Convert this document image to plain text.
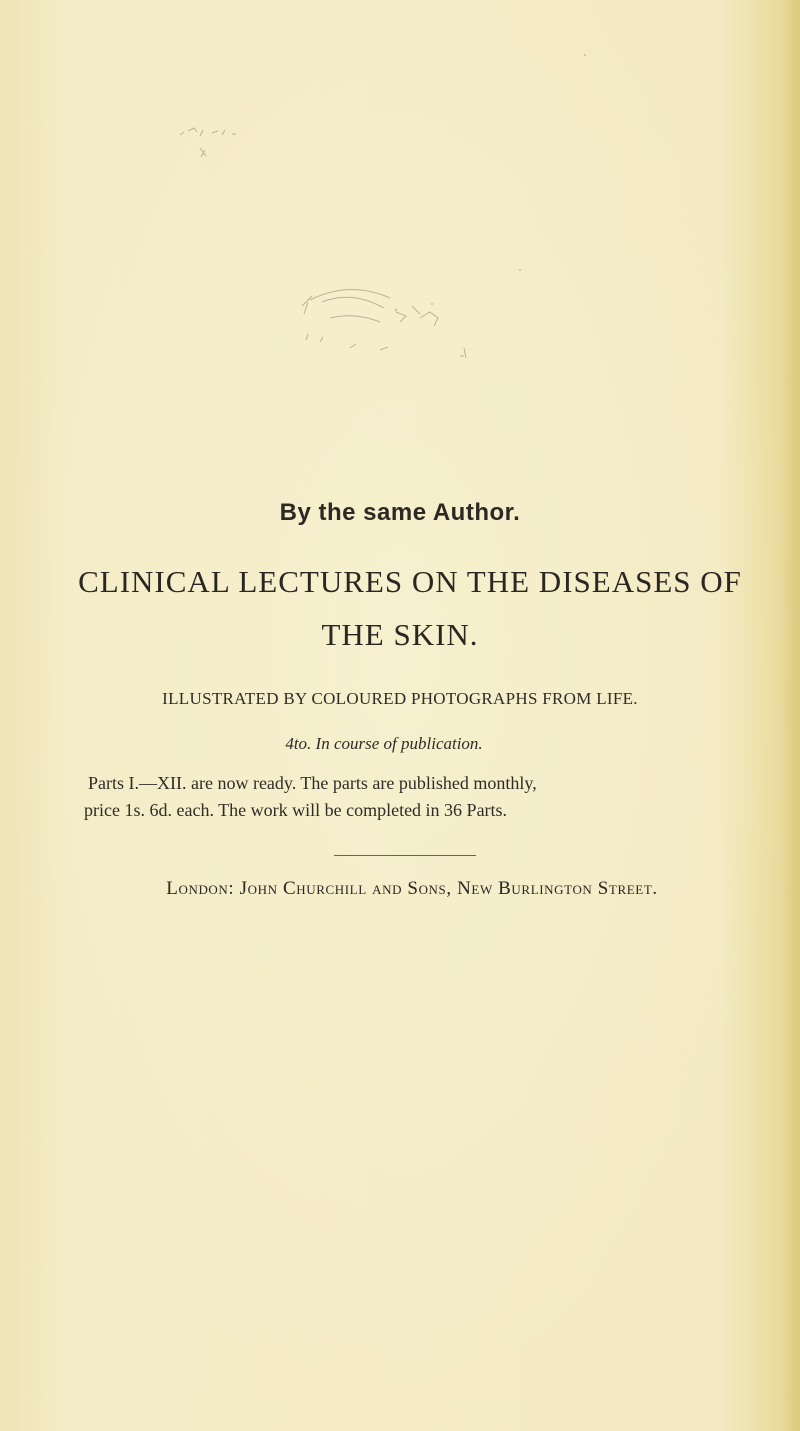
By the same Author.
CLINICAL LECTURES ON THE DISEASES OF
THE SKIN.
ILLUSTRATED BY COLOURED PHOTOGRAPHS FROM LIFE.
4to. In course of publication.
Parts I.—XII. are now ready. The parts are published monthly,
price 1s. 6d. each. The work will be completed in 36 Parts.
London: John Churchill and Sons, New Burlington Street.
